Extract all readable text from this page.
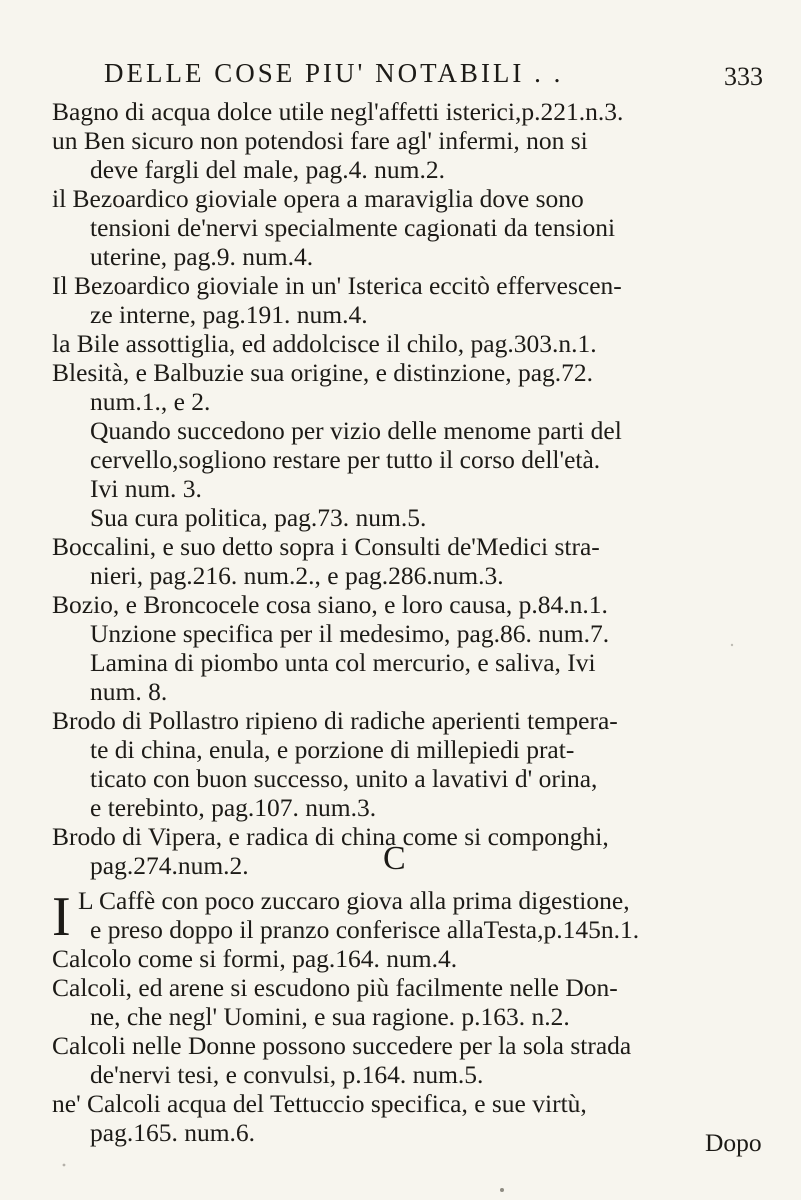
DELLE COSE PIU' NOTABILI . .	333
Bagno di acqua dolce utile negl'affetti isterici,p.221.n.3.
un Ben sicuro non potendosi fare agl' infermi, non si
deve fargli del male, pag.4. num.2.
il Bezoardico gioviale opera a maraviglia dove sono
tensioni de'nervi specialmente cagionati da tensioni
uterine, pag.9. num.4.
Il Bezoardico gioviale in un' Isterica eccitò effervescen-
ze interne, pag.191. num.4.
la Bile assottiglia, ed addolcisce il chilo, pag.303.n.1.
Blesità, e Balbuzie sua origine, e distinzione, pag.72.
num.1., e 2.
Quando succedono per vizio delle menome parti del
cervello,sogliono restare per tutto il corso dell'età.
Ivi num. 3.
Sua cura politica, pag.73. num.5.
Boccalini, e suo detto sopra i Consulti de'Medici stra-
nieri, pag.216. num.2., e pag.286.num.3.
Bozio, e Broncocele cosa siano, e loro causa, p.84.n.1.
Unzione specifica per il medesimo, pag.86. num.7.
Lamina di piombo unta col mercurio, e saliva, Ivi
num. 8.
Brodo di Pollastro ripieno di radiche aperienti tempera-
te di china, enula, e porzione di millepiedi prat-
ticato con buon successo, unito a lavativi d' orina,
e terebinto, pag.107. num.3.
Brodo di Vipera, e radica di china come si componghi,
pag.274.num.2.	C
I L Caffè con poco zuccaro giova alla prima digestione,
e preso doppo il pranzo conferisce allaTesta,p.145n.1.
Calcolo come si formi, pag.164. num.4.
Calcoli, ed arene si escudono più facilmente nelle Don-
ne, che negl' Uomini, e sua ragione. p.163. n.2.
Calcoli nelle Donne possono succedere per la sola strada
de'nervi tesi, e convulsi, p.164. num.5.
ne' Calcoli acqua del Tettuccio specifica, e sue virtù,
pag.165. num.6.	Dopo
